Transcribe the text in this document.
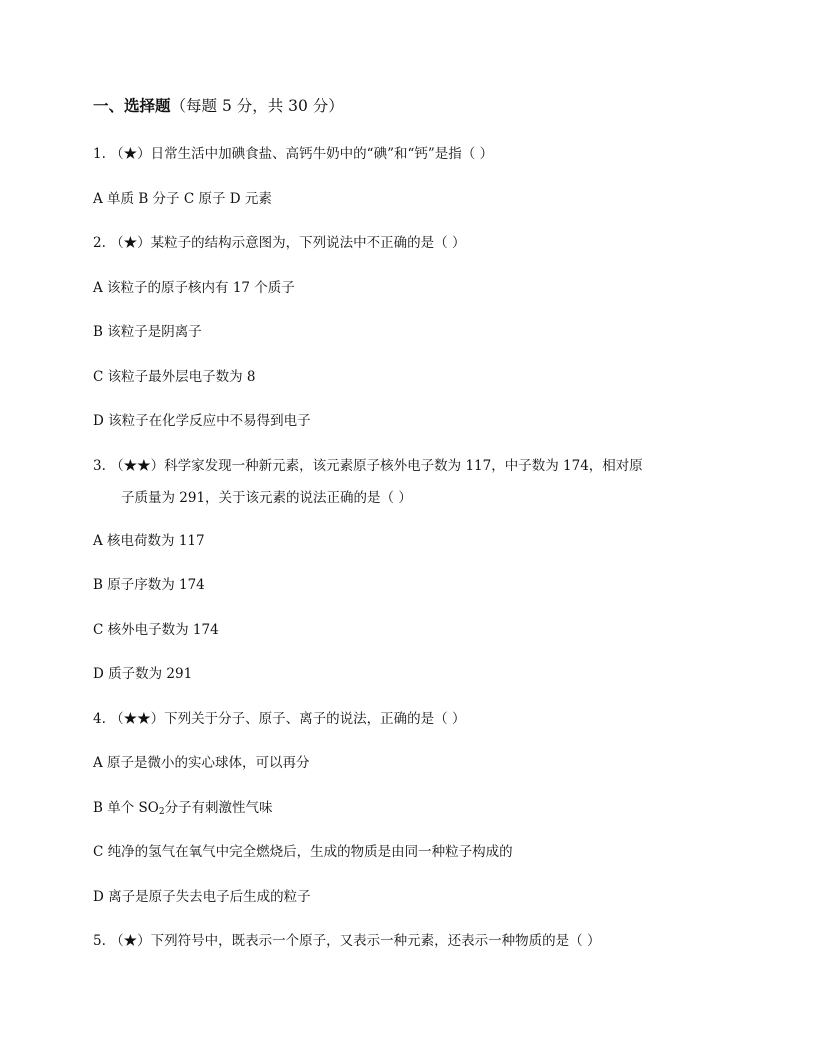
一、选择题（每题 5 分，共 30 分）
1. （★）日常生活中加碘食盐、高钙牛奶中的“碘”和“钙”是指（ ）
A 单质 B 分子 C 原子 D 元素
2. （★）某粒子的结构示意图为，下列说法中不正确的是（ ）
A 该粒子的原子核内有 17 个质子
B 该粒子是阴离子
C 该粒子最外层电子数为 8
D 该粒子在化学反应中不易得到电子
3. （★★）科学家发现一种新元素，该元素原子核外电子数为 117，中子数为 174，相对原
子质量为 291，关于该元素的说法正确的是（ ）
A 核电荷数为 117
B 原子序数为 174
C 核外电子数为 174
D 质子数为 291
4. （★★）下列关于分子、原子、离子的说法，正确的是（ ）
A 原子是微小的实心球体，可以再分
B 单个 $SO_2$分子有刺激性气味
C 纯净的氢气在氧气中完全燃烧后，生成的物质是由同一种粒子构成的
D 离子是原子失去电子后生成的粒子
5. （★）下列符号中，既表示一个原子，又表示一种元素，还表示一种物质的是（ ）
